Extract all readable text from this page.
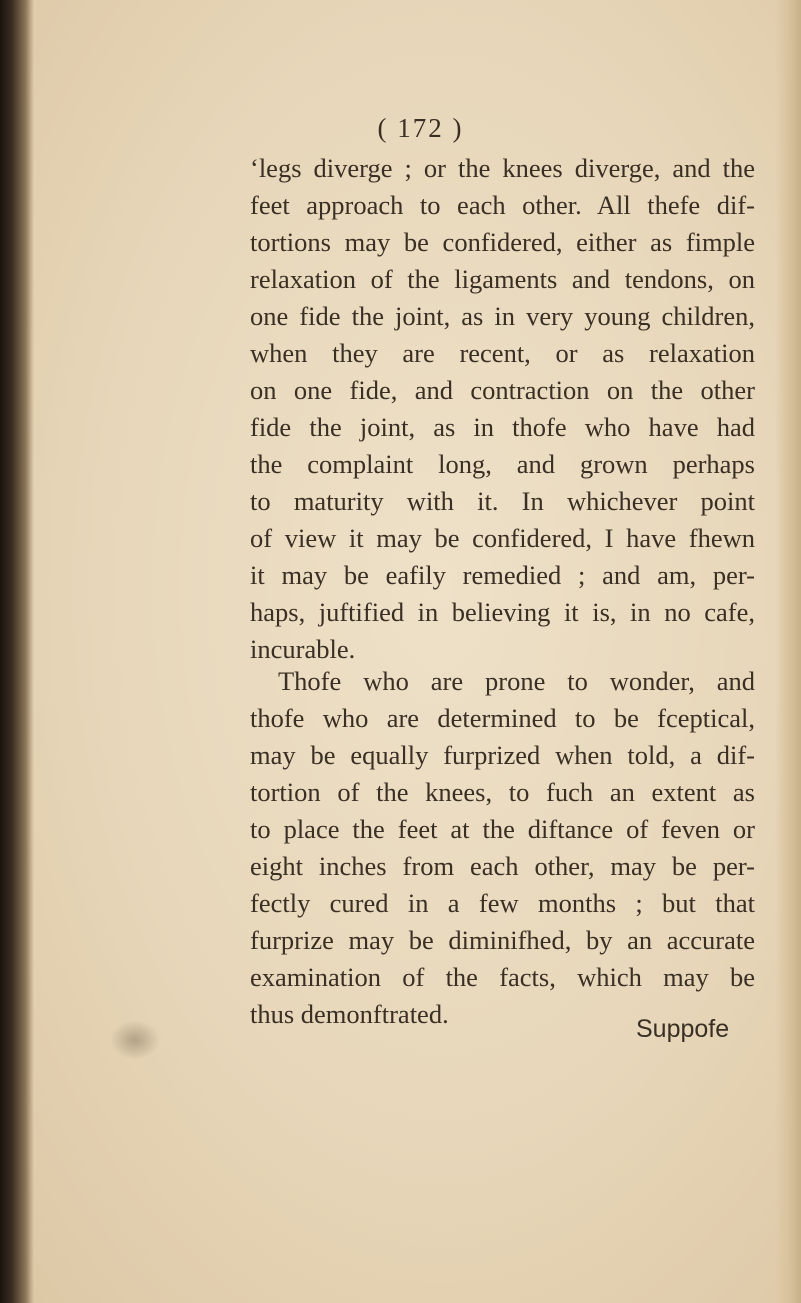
( 172 )

‘legs diverge ; or the knees diverge, and the
feet approach to each other. All thefe dif-
tortions may be confidered, either as fimple
relaxation of the ligaments and tendons, on
one fide the joint, as in very young children,
when they are recent, or as relaxation
on one fide, and contraction on the other
fide the joint, as in thofe who have had
the complaint long, and grown perhaps
to maturity with it. In whichever point
of view it may be confidered, I have fhewn
it may be eafily remedied ; and am, per-
haps, juftified in believing it is, in no cafe,
incurable.

Thofe who are prone to wonder, and
thofe who are determined to be fceptical,
may be equally furprized when told, a dif-
tortion of the knees, to fuch an extent as
to place the feet at the diftance of feven or
eight inches from each other, may be per-
fectly cured in a few months ; but that
furprize may be diminifhed, by an accurate
examination of the facts, which may be
thus demonftrated.	Suppofe
